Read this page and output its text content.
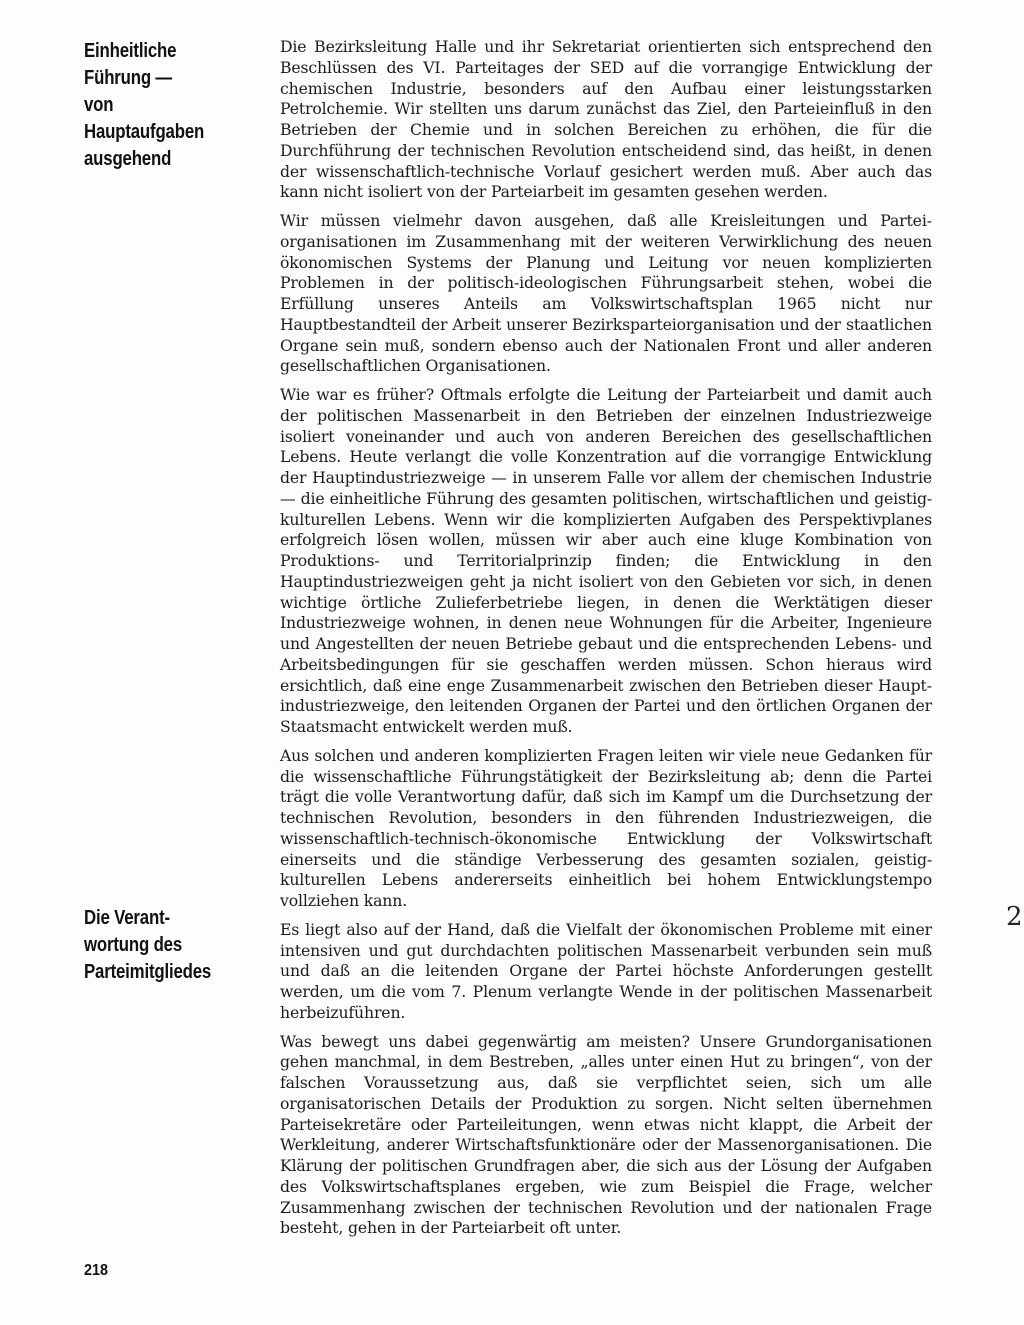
Einheitliche
Führung —
von
Hauptaufgaben
ausgehend
Die Verant-
wortung des
Parteimitgliedes

Die Bezirksleitung Halle und ihr Sekretariat orientierten sich entsprechend den Beschlüssen des VI. Parteitages der SED auf die vorrangige Entwicklung der chemischen Industrie, besonders auf den Aufbau einer leistungsstarken Petrolchemie. Wir stellten uns darum zunächst das Ziel, den Parteieinfluß in den Betrieben der Chemie und in solchen Bereichen zu erhöhen, die für die Durchführung der technischen Revolution entscheidend sind, das heißt, in denen der wissenschaftlich-technische Vorlauf gesichert werden muß. Aber auch das kann nicht isoliert von der Parteiarbeit im gesamten gesehen werden.

Wir müssen vielmehr davon ausgehen, daß alle Kreisleitungen und Parteiorganisationen im Zusammenhang mit der weiteren Verwirklichung des neuen ökonomischen Systems der Planung und Leitung vor neuen komplizierten Problemen in der politisch-ideologischen Führungsarbeit stehen, wobei die Erfüllung unseres Anteils am Volkswirtschaftsplan 1965 nicht nur Hauptbestandteil der Arbeit unserer Bezirksparteiorganisation und der staatlichen Organe sein muß, sondern ebenso auch der Nationalen Front und aller anderen gesellschaftlichen Organisationen.

Wie war es früher? Oftmals erfolgte die Leitung der Parteiarbeit und damit auch der politischen Massenarbeit in den Betrieben der einzelnen Industriezweige isoliert voneinander und auch von anderen Bereichen des gesellschaftlichen Lebens. Heute verlangt die volle Konzentration auf die vorrangige Entwicklung der Hauptindustriezweige — in unserem Falle vor allem der chemischen Industrie — die einheitliche Führung des gesamten politischen, wirtschaftlichen und geistig-kulturellen Lebens. Wenn wir die komplizierten Aufgaben des Perspektivplanes erfolgreich lösen wollen, müssen wir aber auch eine kluge Kombination von Produktions- und Territorialprinzip finden; die Entwicklung in den Hauptindustriezweigen geht ja nicht isoliert von den Gebieten vor sich, in denen wichtige örtliche Zulieferbetriebe liegen, in denen die Werktätigen dieser Industriezweige wohnen, in denen neue Wohnungen für die Arbeiter, Ingenieure und Angestellten der neuen Betriebe gebaut und die entsprechenden Lebens- und Arbeitsbedingungen für sie geschaffen werden müssen. Schon hieraus wird ersichtlich, daß eine enge Zusammenarbeit zwischen den Betrieben dieser Hauptindustriezweige, den leitenden Organen der Partei und den örtlichen Organen der Staatsmacht entwickelt werden muß.

Aus solchen und anderen komplizierten Fragen leiten wir viele neue Gedanken für die wissenschaftliche Führungstätigkeit der Bezirksleitung ab; denn die Partei trägt die volle Verantwortung dafür, daß sich im Kampf um die Durchsetzung der technischen Revolution, besonders in den führenden Industriezweigen, die wissenschaftlich-technisch-ökonomische Entwicklung der Volkswirtschaft einerseits und die ständige Verbesserung des gesamten sozialen, geistig-kulturellen Lebens andererseits einheitlich bei hohem Entwicklungstempo vollziehen kann.

Es liegt also auf der Hand, daß die Vielfalt der ökonomischen Probleme mit einer intensiven und gut durchdachten politischen Massenarbeit verbunden sein muß und daß an die leitenden Organe der Partei höchste Anforderungen gestellt werden, um die vom 7. Plenum verlangte Wende in der politischen Massenarbeit herbeizuführen.

Was bewegt uns dabei gegenwärtig am meisten? Unsere Grundorganisationen gehen manchmal, in dem Bestreben, „alles unter einen Hut zu bringen“, von der falschen Voraussetzung aus, daß sie verpflichtet seien, sich um alle organisatorischen Details der Produktion zu sorgen. Nicht selten übernehmen Parteisekretäre oder Parteileitungen, wenn etwas nicht klappt, die Arbeit der Werkleitung, anderer Wirtschaftsfunktionäre oder der Massenorganisationen. Die Klärung der politischen Grundfragen aber, die sich aus der Lösung der Aufgaben des Volkswirtschaftsplanes ergeben, wie zum Beispiel die Frage, welcher Zusammenhang zwischen der technischen Revolution und der nationalen Frage besteht, gehen in der Parteiarbeit oft unter.

2
218
